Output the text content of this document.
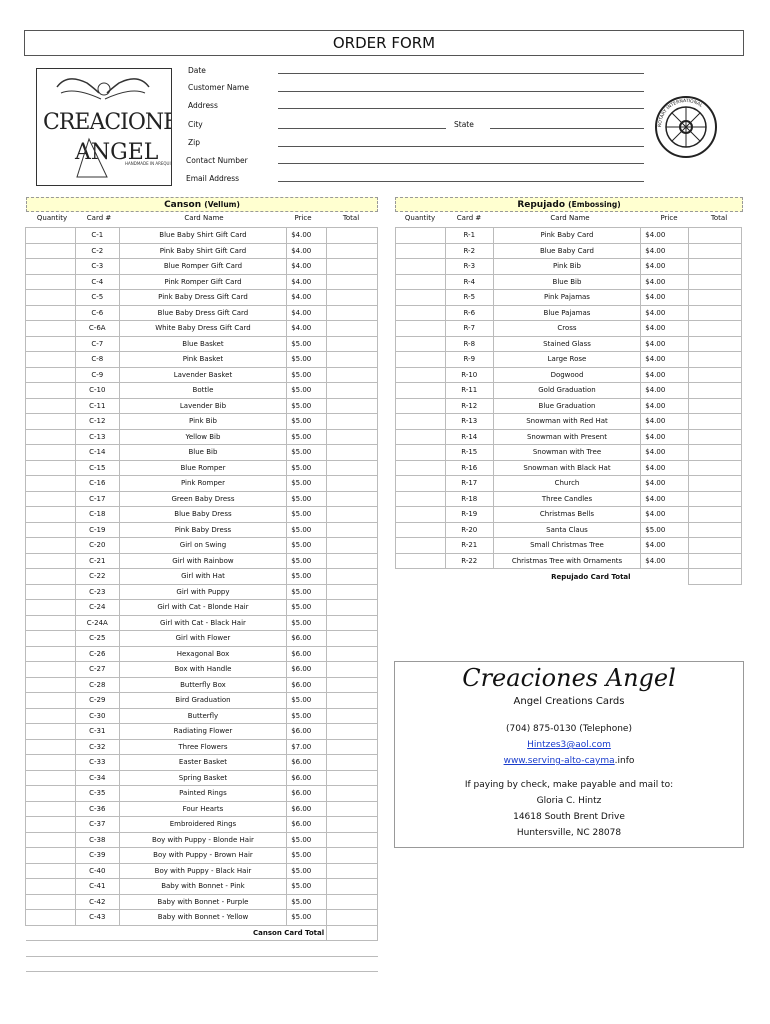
ORDER FORM
CREACION
ANGEL
HANDMADE IN AREQUI
Date
Customer Name
Address
City	State
Zip
Contact Number
Email Address
ROTARY INTERNATIONAL
Canson (Vellum)
Quantity	Card #	Card Name	Price	Total
	C-1	Blue Baby Shirt Gift Card	$4.00	
	C-2	Pink Baby Shirt Gift Card	$4.00	
	C-3	Blue Romper Gift Card	$4.00	
	C-4	Pink Romper Gift Card	$4.00	
	C-5	Pink Baby Dress Gift Card	$4.00	
	C-6	Blue Baby Dress Gift Card	$4.00	
	C-6A	White Baby Dress Gift Card	$4.00	
	C-7	Blue Basket	$5.00	
	C-8	Pink Basket	$5.00	
	C-9	Lavender Basket	$5.00	
	C-10	Bottle	$5.00	
	C-11	Lavender Bib	$5.00	
	C-12	Pink Bib	$5.00	
	C-13	Yellow Bib	$5.00	
	C-14	Blue Bib	$5.00	
	C-15	Blue Romper	$5.00	
	C-16	Pink Romper	$5.00	
	C-17	Green Baby Dress	$5.00	
	C-18	Blue Baby Dress	$5.00	
	C-19	Pink Baby Dress	$5.00	
	C-20	Girl on Swing	$5.00	
	C-21	Girl with Rainbow	$5.00	
	C-22	Girl with Hat	$5.00	
	C-23	Girl with Puppy	$5.00	
	C-24	Girl with Cat - Blonde Hair	$5.00	
	C-24A	Girl with Cat - Black Hair	$5.00	
	C-25	Girl with Flower	$6.00	
	C-26	Hexagonal Box	$6.00	
	C-27	Box with Handle	$6.00	
	C-28	Butterfly Box	$6.00	
	C-29	Bird Graduation	$5.00	
	C-30	Butterfly	$5.00	
	C-31	Radiating Flower	$6.00	
	C-32	Three Flowers	$7.00	
	C-33	Easter Basket	$6.00	
	C-34	Spring Basket	$6.00	
	C-35	Painted Rings	$6.00	
	C-36	Four Hearts	$6.00	
	C-37	Embroidered Rings	$6.00	
	C-38	Boy with Puppy - Blonde Hair	$5.00	
	C-39	Boy with Puppy - Brown Hair	$5.00	
	C-40	Boy with Puppy - Black Hair	$5.00	
	C-41	Baby with Bonnet - Pink	$5.00	
	C-42	Baby with Bonnet - Purple	$5.00	
	C-43	Baby with Bonnet - Yellow	$5.00	
Canson Card Total				

Repujado (Embossing)
Quantity	Card #	Card Name	Price	Total
	R-1	Pink Baby Card	$4.00	
	R-2	Blue Baby Card	$4.00	
	R-3	Pink Bib	$4.00	
	R-4	Blue Bib	$4.00	
	R-5	Pink Pajamas	$4.00	
	R-6	Blue Pajamas	$4.00	
	R-7	Cross	$4.00	
	R-8	Stained Glass	$4.00	
	R-9	Large Rose	$4.00	
	R-10	Dogwood	$4.00	
	R-11	Gold Graduation	$4.00	
	R-12	Blue Graduation	$4.00	
	R-13	Snowman with Red Hat	$4.00	
	R-14	Snowman with Present	$4.00	
	R-15	Snowman with Tree	$4.00	
	R-16	Snowman with Black Hat	$4.00	
	R-17	Church	$4.00	
	R-18	Three Candles	$4.00	
	R-19	Christmas Bells	$4.00	
	R-20	Santa Claus	$5.00	
	R-21	Small Christmas Tree	$4.00	
	R-22	Christmas Tree with Ornaments	$4.00	
Repujado Card Total				
Creaciones Angel
Angel Creations Cards
(704) 875-0130 (Telephone)
Hintzes3@aol.com
www.serving-alto-cayma.info
If paying by check, make payable and mail to:
Gloria C. Hintz
14618 South Brent Drive
Huntersville, NC 28078
